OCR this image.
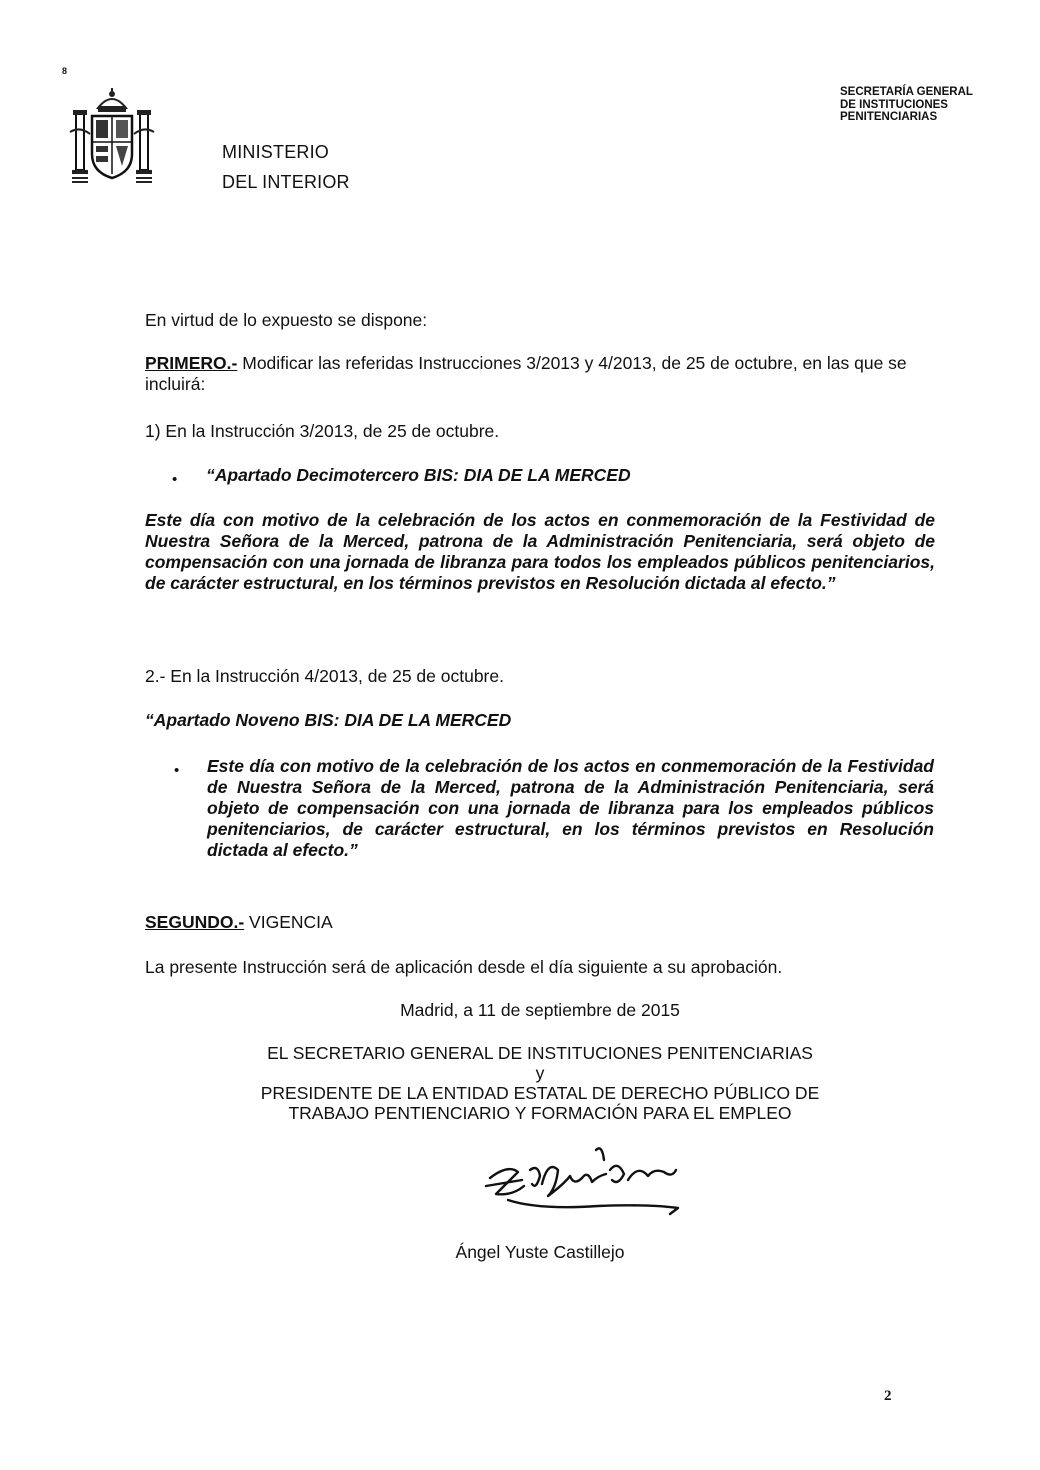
8
MINISTERIO
DEL INTERIOR
SECRETARÍA GENERAL
DE INSTITUCIONES
PENITENCIARIAS
En virtud de lo expuesto se dispone:
PRIMERO.- Modificar las referidas Instrucciones 3/2013 y 4/2013, de 25 de octubre, en las que se incluirá:
1) En la Instrucción 3/2013, de 25 de octubre.
• “Apartado Decimotercero BIS: DIA DE LA MERCED
Este día con motivo de la celebración de los actos en conmemoración de la Festividad de Nuestra Señora de la Merced, patrona de la Administración Penitenciaria, será objeto de compensación con una jornada de libranza para todos los empleados públicos penitenciarios, de carácter estructural, en los términos previstos en Resolución dictada al efecto.”
2.- En la Instrucción 4/2013, de 25 de octubre.
“Apartado Noveno BIS: DIA DE LA MERCED
• Este día con motivo de la celebración de los actos en conmemoración de la Festividad de Nuestra Señora de la Merced, patrona de la Administración Penitenciaria, será objeto de compensación con una jornada de libranza para los empleados públicos penitenciarios, de carácter estructural, en los términos previstos en Resolución dictada al efecto.”
SEGUNDO.- VIGENCIA
La presente Instrucción será de aplicación desde el día siguiente a su aprobación.
Madrid, a 11 de septiembre de 2015
EL SECRETARIO GENERAL DE INSTITUCIONES PENITENCIARIAS
y
PRESIDENTE DE LA ENTIDAD ESTATAL DE DERECHO PÚBLICO DE
TRABAJO PENTIENCIARIO Y FORMACIÓN PARA EL EMPLEO
Ángel Yuste Castillejo
2
